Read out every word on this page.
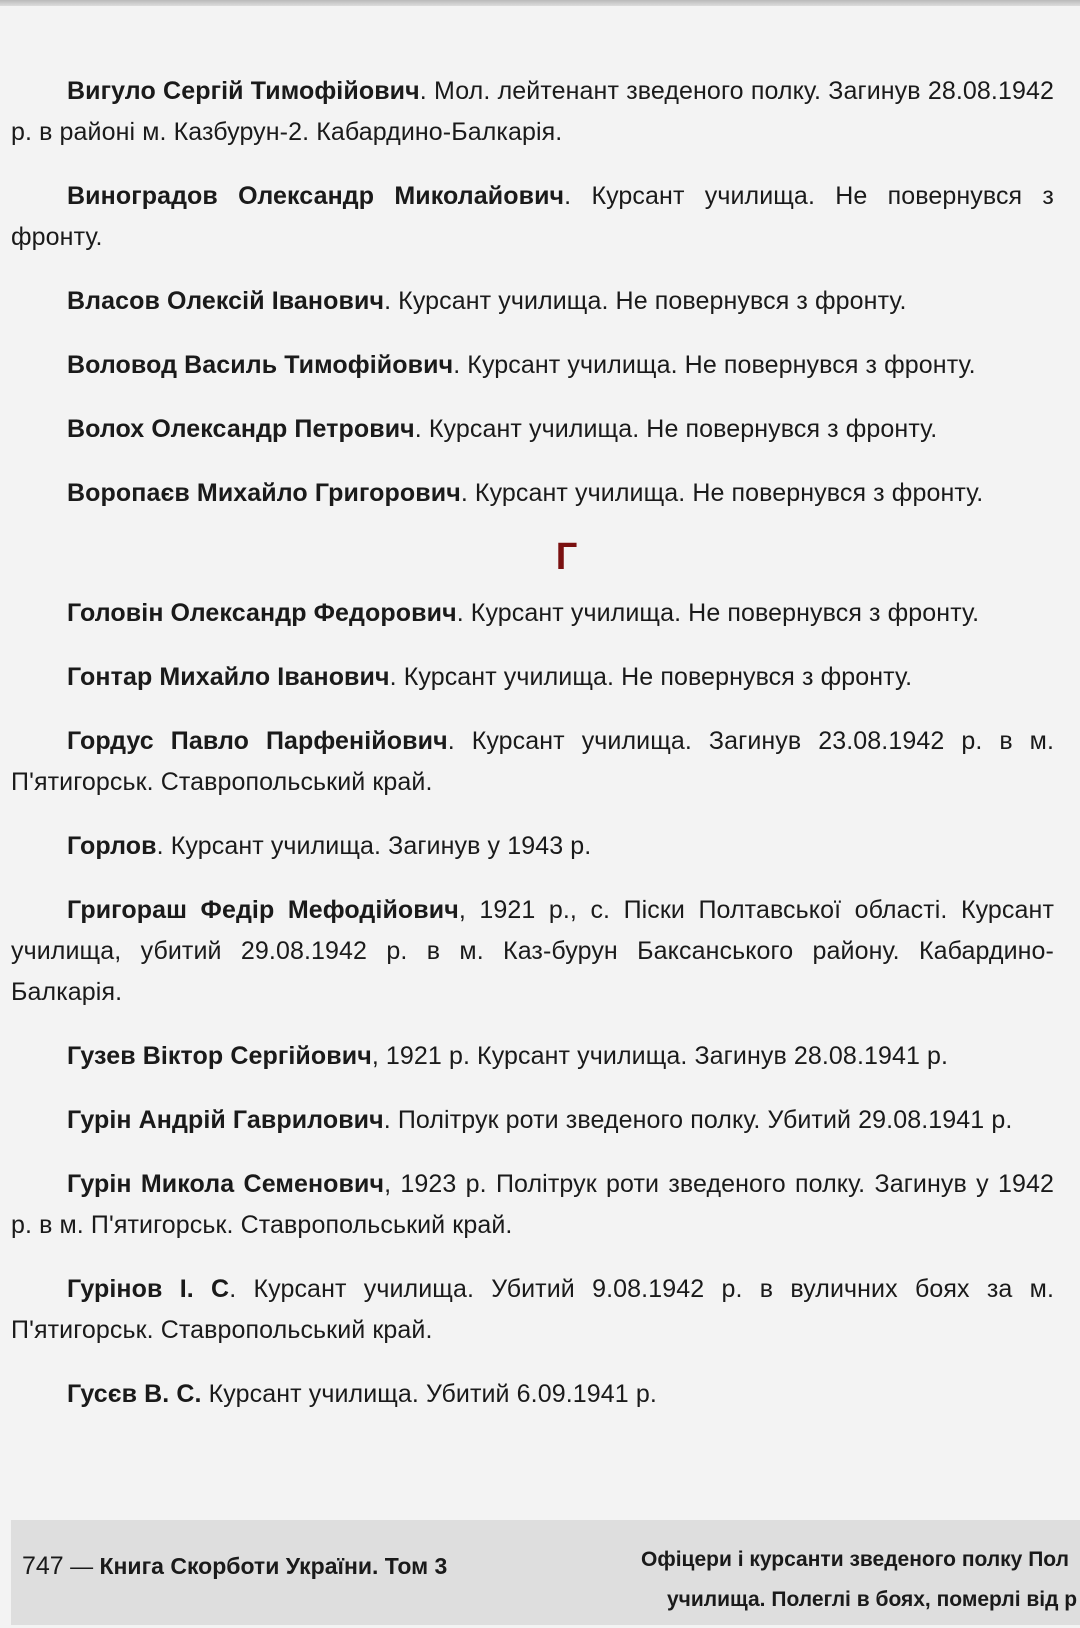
Вигуло Сергій Тимофійович. Мол. лейтенант зведеного полку. Загинув 28.08.1942 р. в районі м. Казбурун-2. Кабардино-Балкарія.

Виноградов Олександр Миколайович. Курсант училища. Не повернувся з фронту.

Власов Олексій Іванович. Курсант училища. Не повернувся з фронту.

Воловод Василь Тимофійович. Курсант училища. Не повернувся з фронту.

Волох Олександр Петрович. Курсант училища. Не повернувся з фронту.

Воропаєв Михайло Григорович. Курсант училища. Не повернувся з фронту.

Г

Головін Олександр Федорович. Курсант училища. Не повернувся з фронту.

Гонтар Михайло Іванович. Курсант училища. Не повернувся з фронту.

Гордус Павло Парфенійович. Курсант училища. Загинув 23.08.1942 р. в м. П'ятигорськ. Ставропольський край.

Горлов. Курсант училища. Загинув у 1943 р.

Григораш Федір Мефодійович, 1921 р., с. Піски Полтавської області. Курсант училища, убитий 29.08.1942 р. в м. Каз-бурун Баксанського району. Кабардино-Балкарія.

Гузев Віктор Сергійович, 1921 р. Курсант училища. Загинув 28.08.1941 р.

Гурін Андрій Гаврилович. Політрук роти зведеного полку. Убитий 29.08.1941 р.

Гурін Микола Семенович, 1923 р. Політрук роти зведеного полку. Загинув у 1942 р. в м. П'ятигорськ. Ставропольський край.

Гурінов І. С. Курсант училища. Убитий 9.08.1942 р. в вуличних боях за м. П'ятигорськ. Ставропольський край.

Гусєв В. С. Курсант училища. Убитий 6.09.1941 р.

747 — Книга Скорботи України. Том 3	Офіцери і курсанти зведеного полку Пол
училища. Полеглі в боях, померлі від р
